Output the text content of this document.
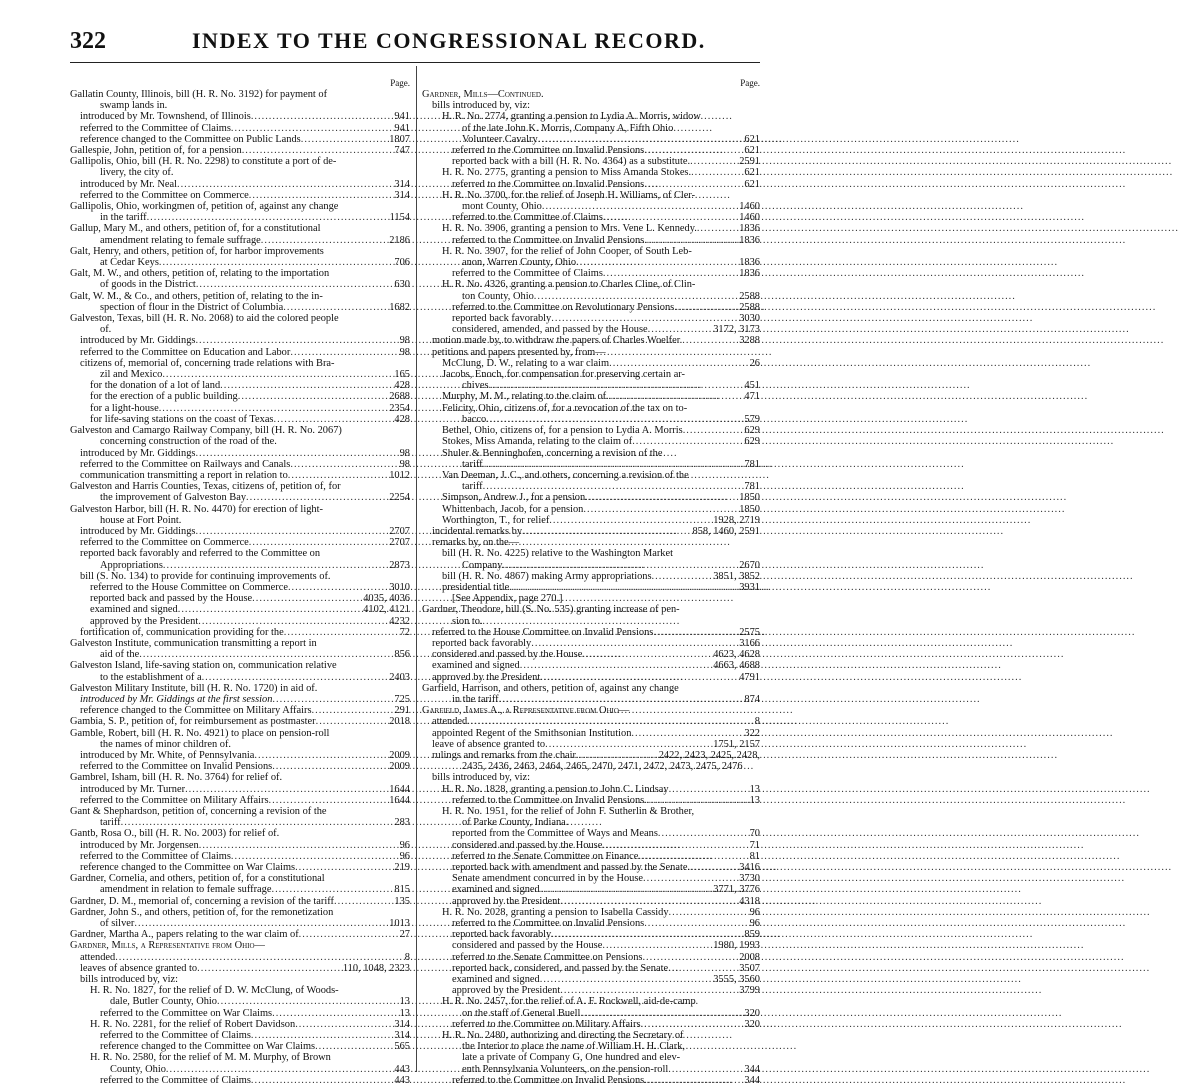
322	INDEX TO THE CONGRESSIONAL RECORD.
Page.
Gallatin County, Illinois, bill (H. R. No. 3192) for payment of
swamp lands in.
introduced by Mr. Townshend, of Illinois .....	941
referred to the Committee of Claims .....	941
reference changed to the Committee on Public Lands .....	1807
Gallespie, John, petition of, for a pension .....	747
Gallipolis, Ohio, bill (H. R. No. 2298) to constitute a port of de-
livery, the city of.
introduced by Mr. Neal .....	314
referred to the Committee on Commerce .....	314
Gallipolis, Ohio, workingmen of, petition of, against any change
in the tariff .....	1154
Gallup, Mary M., and others, petition of, for a constitutional
amendment relating to female suffrage .....	2186
Galt, Henry, and others, petition of, for harbor improvements
at Cedar Keys .....	706
Galt, M. W., and others, petition of, relating to the importation
of goods in the District .....	630
Galt, W. M., & Co., and others, petition of, relating to the in-
spection of flour in the District of Columbia .....	1682
Galveston, Texas, bill (H. R. No. 2068) to aid the colored people
of.
introduced by Mr. Giddings .....	98
referred to the Committee on Education and Labor .....	98
citizens of, memorial of, concerning trade relations with Bra-
zil and Mexico .....	165
for the donation of a lot of land .....	428
for the erection of a public building .....	2688
for a light-house .....	2354
for life-saving stations on the coast of Texas .....	428
Galveston and Camargo Railway Company, bill (H. R. No. 2067)
concerning construction of the road of the.
introduced by Mr. Giddings .....	98
referred to the Committee on Railways and Canals .....	98
communication transmitting a report in relation to .....	1012
Galveston and Harris Counties, Texas, citizens of, petition of, for
the improvement of Galveston Bay .....	2254
Galveston Harbor, bill (H. R. No. 4470) for erection of light-
house at Fort Point.
introduced by Mr. Giddings .....	2707
referred to the Committee on Commerce .....	2707
reported back favorably and referred to the Committee on
Appropriations .....	2873
bill (S. No. 134) to provide for continuing improvements of.
referred to the House Committee on Commerce .....	3010
reported back and passed by the House .....	4035, 4036
examined and signed .....	4102, 4121
approved by the President .....	4232
fortification of, communication providing for the .....	72
Galveston Institute, communication transmitting a report in
aid of the .....	856
Galveston Island, life-saving station on, communication relative
to the establishment of a .....	2403
Galveston Military Institute, bill (H. R. No. 1720) in aid of.
introduced by Mr. Giddings at the first session .....	725
reference changed to the Committee on Military Affairs .....	291
Gambia, S. P., petition of, for reimbursement as postmaster .....	2018
Gamble, Robert, bill (H. R. No. 4921) to place on pension-roll
the names of minor children of.
introduced by Mr. White, of Pennsylvania .....	2009
referred to the Committee on Invalid Pensions .....	2009
Gambrel, Isham, bill (H. R. No. 3764) for relief of.
introduced by Mr. Turner .....	1644
referred to the Committee on Military Affairs .....	1644
Gant & Shephardson, petition of, concerning a revision of the
tariff .....	283
Gantb, Rosa O., bill (H. R. No. 2003) for relief of.
introduced by Mr. Jorgensen .....	96
referred to the Committee of Claims .....	96
reference changed to the Committee on War Claims .....	219
Gardner, Cornelia, and others, petition of, for a constitutional
amendment in relation to female suffrage .....	815
Gardner, D. M., memorial of, concerning a revision of the tariff .....	135
Gardner, John S., and others, petition of, for the remonetization
of silver .....	1013
Gardner, Martha A., papers relating to the war claim of .....	27
Gardner, Mills, a Representative from Ohio—
attended .....	8
leaves of absence granted to .....	110, 1048, 2323
bills introduced by, viz:
H. R. No. 1827, for the relief of D. W. McClung, of Woods-
dale, Butler County, Ohio .....	13
referred to the Committee on War Claims .....	13
H. R. No. 2281, for the relief of Robert Davidson .....	314
referred to the Committee of Claims .....	314
reference changed to the Committee on War Claims .....	565
H. R. No. 2580, for the relief of M. M. Murphy, of Brown
County, Ohio .....	443
referred to the Committee of Claims .....	443
Page.
Gardner, Mills—Continued.
bills introduced by, viz:
H. R. No. 2774, granting a pension to Lydia A. Morris, widow
of the late John K. Morris, Company A, Fifth Ohio
Volunteer Cavalry .....	621
referred to the Committee on Invalid Pensions .....	621
reported back with a bill (H. R. No. 4364) as a substitute. .....	2591
H. R. No. 2775, granting a pension to Miss Amanda Stokes. .....	621
referred to the Committee on Invalid Pensions .....	621
H. R. No. 3700, for the relief of Joseph H. Williams, of Cler-
mont County, Ohio .....	1460
referred to the Committee of Claims .....	1460
H. R. No. 3906, granting a pension to Mrs. Vene L. Kennedy. .....	1836
referred to the Committee on Invalid Pensions .....	1836
H. R. No. 3907, for the relief of John Cooper, of South Leb-
anon, Warren County, Ohio .....	1836
referred to the Committee of Claims .....	1836
H. R. No. 4326, granting a pension to Charles Cline, of Clin-
ton County, Ohio .....	2588
referred to the Committee on Revolutionary Pensions .....	2588
reported back favorably .....	3030
considered, amended, and passed by the House .....	3172, 3173
motion made by, to withdraw the papers of Charles Woelfer. .....	3288
petitions and papers presented by, from—
McClung, D. W., relating to a war claim .....	26
Jacobs, Enoch, for compensation for preserving certain ar-
chives .....	451
Murphy, M. M., relating to the claim of .....	471
Felicity, Ohio, citizens of, for a revocation of the tax on to-
bacco .....	579
Bethel, Ohio, citizens of, for a pension to Lydia A. Morris .....	629
Stokes, Miss Amanda, relating to the claim of .....	629
Shuler & Benninghofen, concerning a revision of the
tariff .....	781
Van Deeman, J. C., and others, concerning a revision of the
tariff .....	781
Simpson, Andrew J., for a pension .....	1850
Whittenbach, Jacob, for a pension .....	1850
Worthington, T., for relief .....	1928, 2719
incidental remarks by .....	858, 1460, 2591
remarks by, on the—
bill (H. R. No. 4225) relative to the Washington Market
Company .....	2670
bill (H. R. No. 4867) making Army appropriations .....	3851, 3852
presidential title .....	3931
[See Appendix, page 270.]
Gardner, Theodore, bill (S. No. 535) granting increase of pen-
sion to.
referred to the House Committee on Invalid Pensions .....	2575
reported back favorably .....	3166
considered and passed by the House .....	4623, 4628
examined and signed .....	4663, 4688
approved by the President .....	4791
Garfield, Harrison, and others, petition of, against any change
in the tariff .....	874
Garfield, James A., a Representative from Ohio—
attended .....	8
appointed Regent of the Smithsonian Institution .....	322
leave of absence granted to .....	1751, 2157
rulings and remarks from the chair .....	2422, 2423, 2425, 2428,
2435, 2436, 2463, 2464, 2465, 2470, 2471, 2472, 2473, 2475, 2476
bills introduced by, viz:
H. R. No. 1828, granting a pension to John C. Lindsay .....	13
referred to the Committee on Invalid Pensions .....	13
H. R. No. 1951, for the relief of John F. Sutherlin & Brother,
of Parke County, Indiana.
reported from the Committee of Ways and Means .....	70
considered and passed by the House .....	71
referred to the Senate Committee on Finance .....	81
reported back with amendment and passed by the Senate. .....	3416
Senate amendment concurred in by the House .....	3730
examined and signed .....	3771, 3776
approved by the President .....	4318
H. R. No. 2028, granting a pension to Isabella Cassidy .....	96
referred to the Committee on Invalid Pensions .....	96
reported back favorably .....	859
considered and passed by the House .....	1980, 1993
referred to the Senate Committee on Pensions .....	2008
reported back, considered, and passed by the Senate .....	3507
examined and signed .....	3555, 3560
approved by the President .....	3799
H. R. No. 2457, for the relief of A. F. Rockwell, aid-de-camp
on the staff of General Buell .....	320
referred to the Committee on Military Affairs .....	320
H. R. No. 2480, authorizing and directing the Secretary of
the Interior to place the name of William H. H. Clark,
late a private of Company G, One hundred and elev-
enth Pennsylvania Volunteers, on the pension-roll .....	344
referred to the Committee on Invalid Pensions .....	344
